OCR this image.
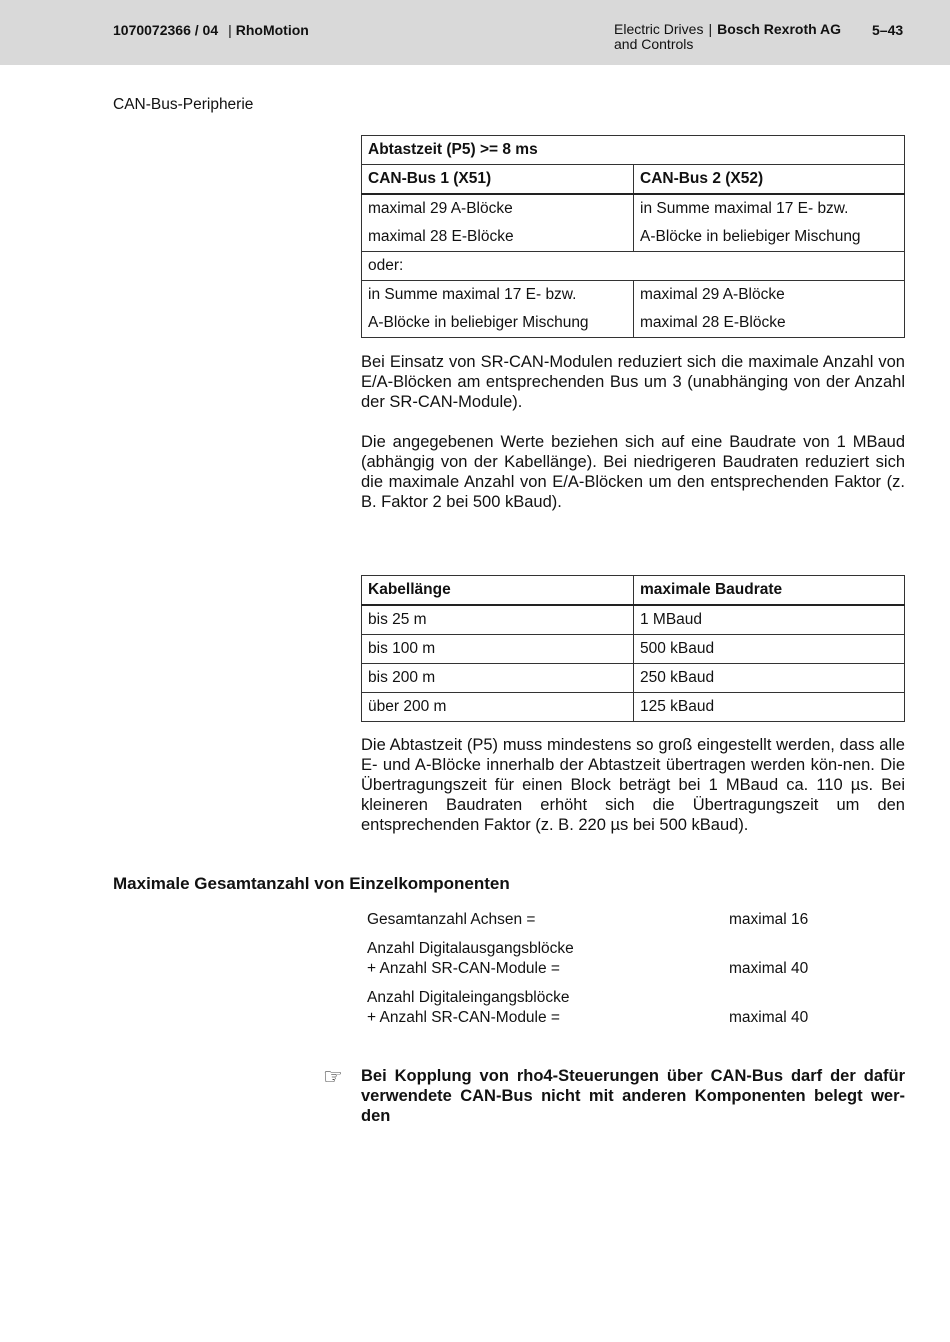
1070072366 / 04 | RhoMotion	Electric Drives | Bosch Rexroth AG
and Controls
5–43
CAN-Bus-Peripherie
Abtastzeit (P5) >= 8 ms	
CAN-Bus 1 (X51)	CAN-Bus 2 (X52)
maximal 29 A-Blöcke	in Summe maximal 17 E- bzw.
maximal 28 E-Blöcke	A-Blöcke in beliebiger Mischung
oder:	
in Summe maximal 17 E- bzw.	maximal 29 A-Blöcke
A-Blöcke in beliebiger Mischung	maximal 28 E-Blöcke

Bei Einsatz von SR-CAN-Modulen reduziert sich die maximale Anzahl von E/A-Blöcken am entsprechenden Bus um 3 (unabhänging von der Anzahl der SR-CAN-Module).

Die angegebenen Werte beziehen sich auf eine Baudrate von 1 MBaud (abhängig von der Kabellänge). Bei niedrigeren Baudraten reduziert sich die maximale Anzahl von E/A-Blöcken um den entsprechenden Faktor (z. B. Faktor 2 bei 500 kBaud).

Kabellänge	maximale Baudrate
bis 25 m	1 MBaud
bis 100 m	500 kBaud
bis 200 m	250 kBaud
über 200 m	125 kBaud

Die Abtastzeit (P5) muss mindestens so groß eingestellt werden, dass alle E- und A-Blöcke innerhalb der Abtastzeit übertragen werden kön-nen. Die Übertragungszeit für einen Block beträgt bei 1 MBaud ca. 110 µs. Bei kleineren Baudraten erhöht sich die Übertragungszeit um den entsprechenden Faktor (z. B. 220 µs bei 500 kBaud).

Maximale Gesamtanzahl von Einzelkomponenten
Gesamtanzahl Achsen =	maximal 16
Anzahl Digitalausgangsblöcke
+ Anzahl SR-CAN-Module =	maximal 40
Anzahl Digitaleingangsblöcke
+ Anzahl SR-CAN-Module =	maximal 40
☞ Bei Kopplung von rho4-Steuerungen über CAN-Bus darf der dafür verwendete CAN-Bus nicht mit anderen Komponenten belegt wer-den
